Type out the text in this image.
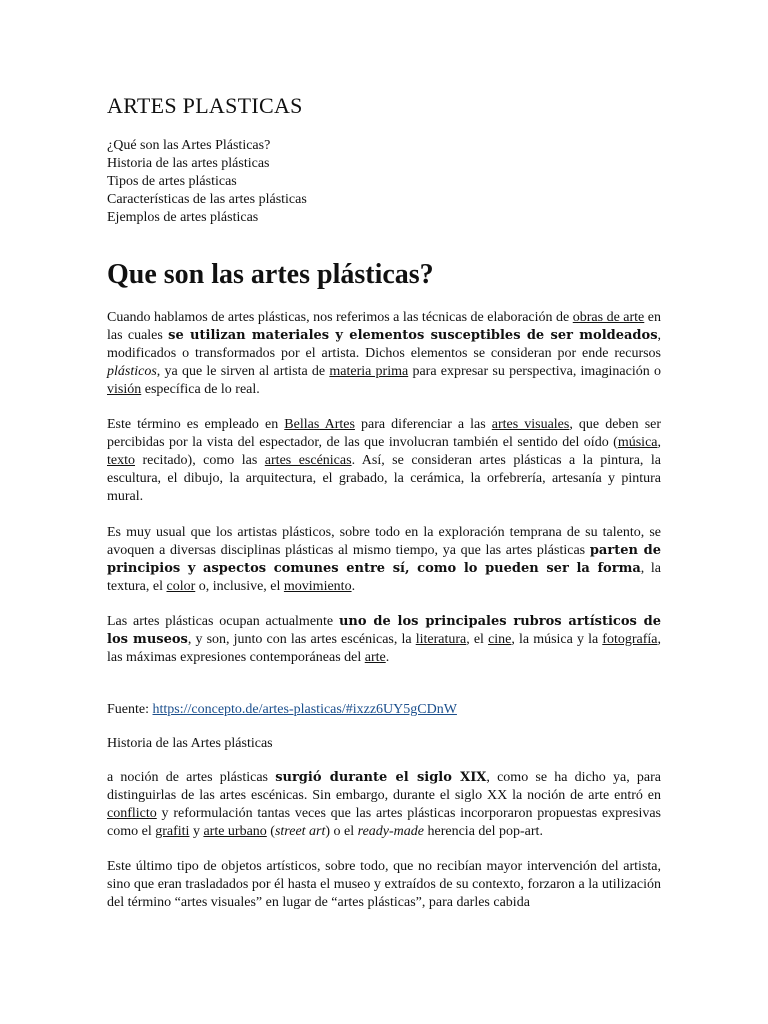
ARTES PLASTICAS
¿Qué son las Artes Plásticas?
Historia de las artes plásticas
Tipos de artes plásticas
Características de las artes plásticas
Ejemplos de artes plásticas
Que son las artes plásticas?

Cuando hablamos de artes plásticas, nos referimos a las técnicas de elaboración de obras de arte en las cuales se utilizan materiales y elementos susceptibles de ser moldeados, modificados o transformados por el artista. Dichos elementos se consideran por ende recursos plásticos, ya que le sirven al artista de materia prima para expresar su perspectiva, imaginación o visión específica de lo real.

Este término es empleado en Bellas Artes para diferenciar a las artes visuales, que deben ser percibidas por la vista del espectador, de las que involucran también el sentido del oído (música, texto recitado), como las artes escénicas. Así, se consideran artes plásticas a la pintura, la escultura, el dibujo, la arquitectura, el grabado, la cerámica, la orfebrería, artesanía y pintura mural.

Es muy usual que los artistas plásticos, sobre todo en la exploración temprana de su talento, se avoquen a diversas disciplinas plásticas al mismo tiempo, ya que las artes plásticas parten de principios y aspectos comunes entre sí, como lo pueden ser la forma, la textura, el color o, inclusive, el movimiento.

Las artes plásticas ocupan actualmente uno de los principales rubros artísticos de los museos, y son, junto con las artes escénicas, la literatura, el cine, la música y la fotografía, las máximas expresiones contemporáneas del arte.

Fuente: https://concepto.de/artes-plasticas/#ixzz6UY5gCDnW

Historia de las Artes plásticas

a noción de artes plásticas surgió durante el siglo XIX, como se ha dicho ya, para distinguirlas de las artes escénicas. Sin embargo, durante el siglo XX la noción de arte entró en conflicto y reformulación tantas veces que las artes plásticas incorporaron propuestas expresivas como el grafiti y arte urbano (street art) o el ready-made herencia del pop-art.

Este último tipo de objetos artísticos, sobre todo, que no recibían mayor intervención del artista, sino que eran trasladados por él hasta el museo y extraídos de su contexto, forzaron a la utilización del término “artes visuales” en lugar de “artes plásticas”, para darles cabida
